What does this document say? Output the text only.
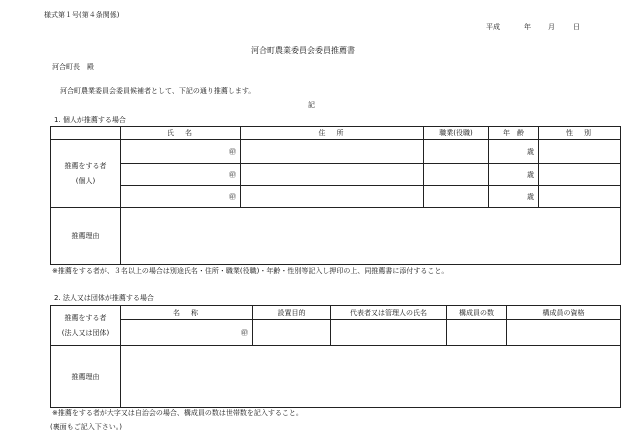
様式第１号(第４条関係)
平成	年 月	日
河合町農業委員会委員推薦書
河合町長　殿
河合町農業委員会委員候補者として、下記の通り推薦します。
記
1. 個人が推薦する場合
	氏　名	住　所	職業(役職)	年　齢	性　別

推薦をする者
(個人)	㊞			歳	
	㊞			歳	
	㊞			歳	
推薦理由					
※推薦をする者が、３名以上の場合は別途氏名・住所・職業(役職)・年齢・性別等記入し押印の上、同推薦書に添付すること。
2. 法人又は団体が推薦する場合
推薦をする者
(法人又は団体)	名　称	設置目的	代表者又は管理人の氏名	構成員の数	構成員の資格
	㊞				
推薦理由					
※推薦をする者が大字又は自治会の場合、構成員の数は世帯数を記入すること。
(裏面もご記入下さい。)
